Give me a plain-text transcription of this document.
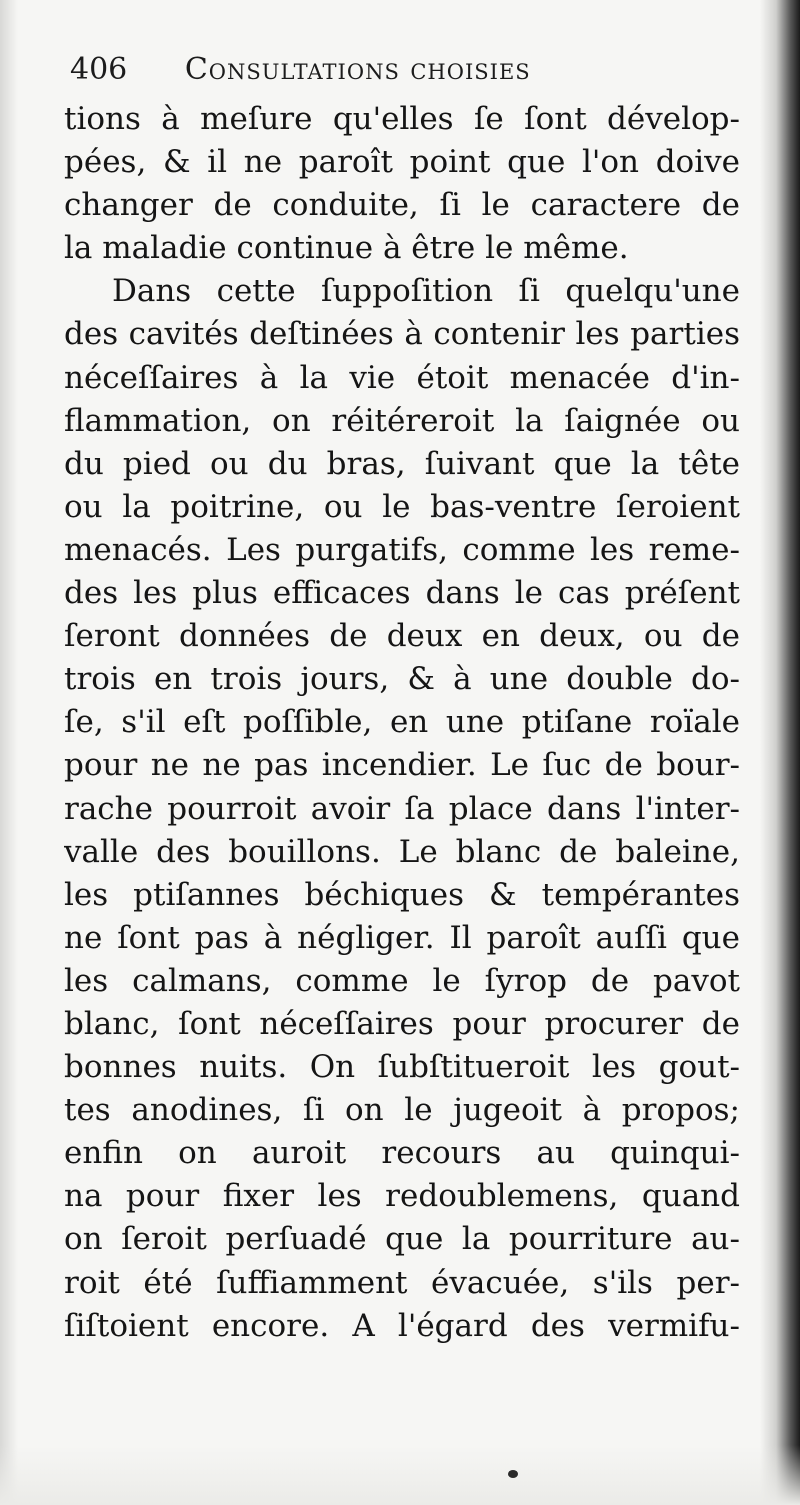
406 Consultations choisies
tions à meſure qu'elles ſe ſont dévelop-
pées, & il ne paroît point que l'on doive
changer de conduite, ſi le caractere de
la maladie continue à être le même.
Dans cette ſuppoſition ſi quelqu'une
des cavités deſtinées à contenir les parties
néceſſaires à la vie étoit menacée d'in-
flammation, on réitéreroit la ſaignée ou
du pied ou du bras, ſuivant que la tête
ou la poitrine, ou le bas-ventre ſeroient
menacés. Les purgatifs, comme les reme-
des les plus efficaces dans le cas préſent
ſeront données de deux en deux, ou de
trois en trois jours, & à une double do-
ſe, s'il eſt poſſible, en une ptiſane roïale
pour ne ne pas incendier. Le ſuc de bour-
rache pourroit avoir ſa place dans l'inter-
valle des bouillons. Le blanc de baleine,
les ptiſannes béchiques & tempérantes
ne ſont pas à négliger. Il paroît auſſi que
les calmans, comme le ſyrop de pavot
blanc, ſont néceſſaires pour procurer de
bonnes nuits. On ſubſtitueroit les gout-
tes anodines, ſi on le jugeoit à propos;
enfin on auroit recours au quinqui-
na pour fixer les redoublemens, quand
on ſeroit perſuadé que la pourriture au-
roit été ſuffiamment évacuée, s'ils per-
ſiſtoient encore. A l'égard des vermifu-
